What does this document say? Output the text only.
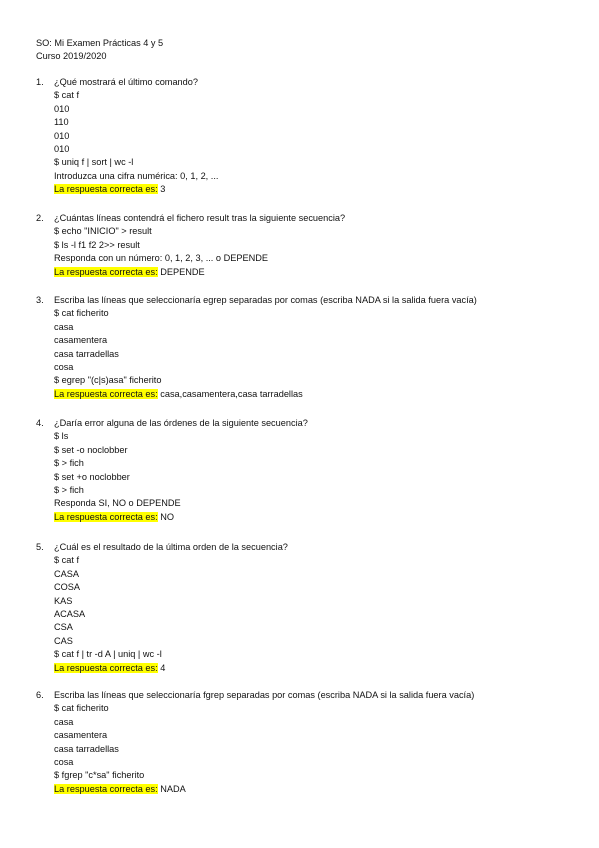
SO: Mi Examen Prácticas 4 y 5
Curso 2019/2020
1.	¿Qué mostrará el último comando?
$ cat f
010
110
010
010
$ uniq f | sort | wc -l
Introduzca una cifra numérica: 0, 1, 2, ...
La respuesta correcta es: 3
2.	¿Cuántas líneas contendrá el fichero result tras la siguiente secuencia?
$ echo "INICIO" > result
$ ls -l f1 f2 2>> result
Responda con un número: 0, 1, 2, 3, ... o DEPENDE
La respuesta correcta es: DEPENDE
3.	Escriba las líneas que seleccionaría egrep separadas por comas (escriba NADA si la salida fuera vacía)
$ cat ficherito
casa
casamentera
casa tarradellas
cosa
$ egrep "(c|s)asa" ficherito
La respuesta correcta es: casa,casamentera,casa tarradellas
4.	¿Daría error alguna de las órdenes de la siguiente secuencia?
$ ls
$ set -o noclobber
$ > fich
$ set +o noclobber
$ > fich
Responda SI, NO o DEPENDE
La respuesta correcta es: NO
5.	¿Cuál es el resultado de la última orden de la secuencia?
$ cat f
CASA
COSA
KAS
ACASA
CSA
CAS
$ cat f | tr -d A | uniq | wc -l
La respuesta correcta es: 4
6.	Escriba las líneas que seleccionaría fgrep separadas por comas (escriba NADA si la salida fuera vacía)
$ cat ficherito
casa
casamentera
casa tarradellas
cosa
$ fgrep "c*sa" ficherito
La respuesta correcta es: NADA
